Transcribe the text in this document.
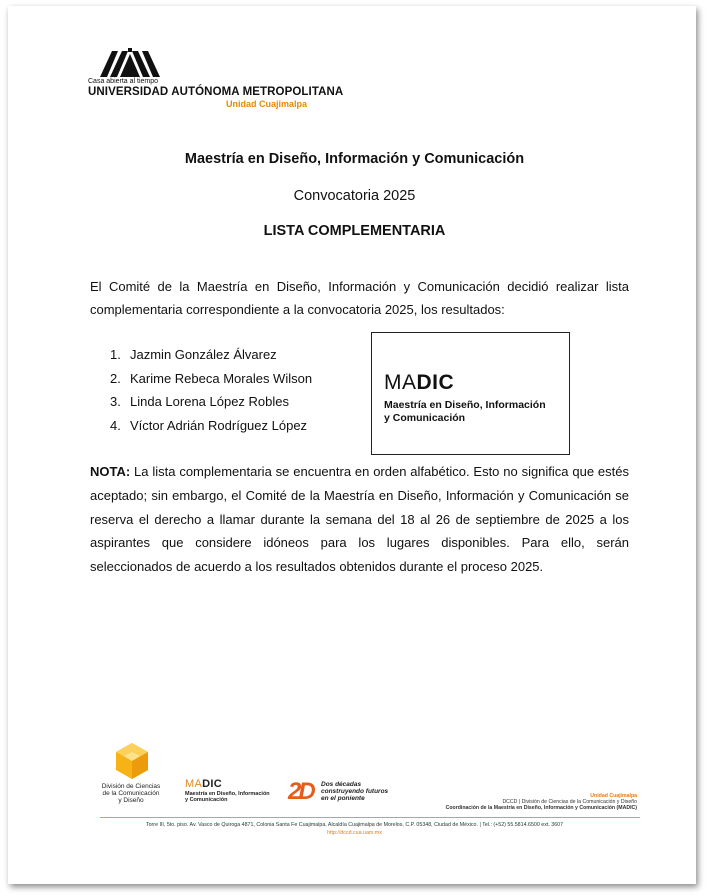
Casa abierta al tiempo
UNIVERSIDAD AUTÓNOMA METROPOLITANA
Unidad Cuajimalpa
Maestría en Diseño, Información y Comunicación
Convocatoria 2025
LISTA COMPLEMENTARIA

El Comité de la Maestría en Diseño, Información y Comunicación decidió realizar lista complementaria correspondiente a la convocatoria 2025, los resultados:

1. Jazmin González Álvarez
2. Karime Rebeca Morales Wilson
3. Linda Lorena López Robles
4. Víctor Adrián Rodríguez López
MADIC
Maestría en Diseño, Información
y Comunicación

NOTA: La lista complementaria se encuentra en orden alfabético. Esto no significa que estés aceptado; sin embargo, el Comité de la Maestría en Diseño, Información y Comunicación se reserva el derecho a llamar durante la semana del 18 al 26 de septiembre de 2025 a los aspirantes que considere idóneos para los lugares disponibles. Para ello, serán seleccionados de acuerdo a los resultados obtenidos durante el proceso 2025.

División de Ciencias
de la Comunicación
y Diseño
MADIC
Maestría en Diseño, Información
y Comunicación	2D Dos décadas
construyendo futuros
en el poniente	Unidad Cuajimalpa
DCCD | División de Ciencias de la Comunicación y Diseño
Coordinación de la Maestría en Diseño, Información y Comunicación (MADIC)
Torre III, 5to. piso. Av. Vasco de Quiroga 4871, Colonia Santa Fe Cuajimalpa, Alcaldía Cuajimalpa de Morelos, C.P. 05348, Ciudad de México. | Tel.: (+52) 55.5814.6500 ext. 3607
http://dccd.cua.uam.mx
